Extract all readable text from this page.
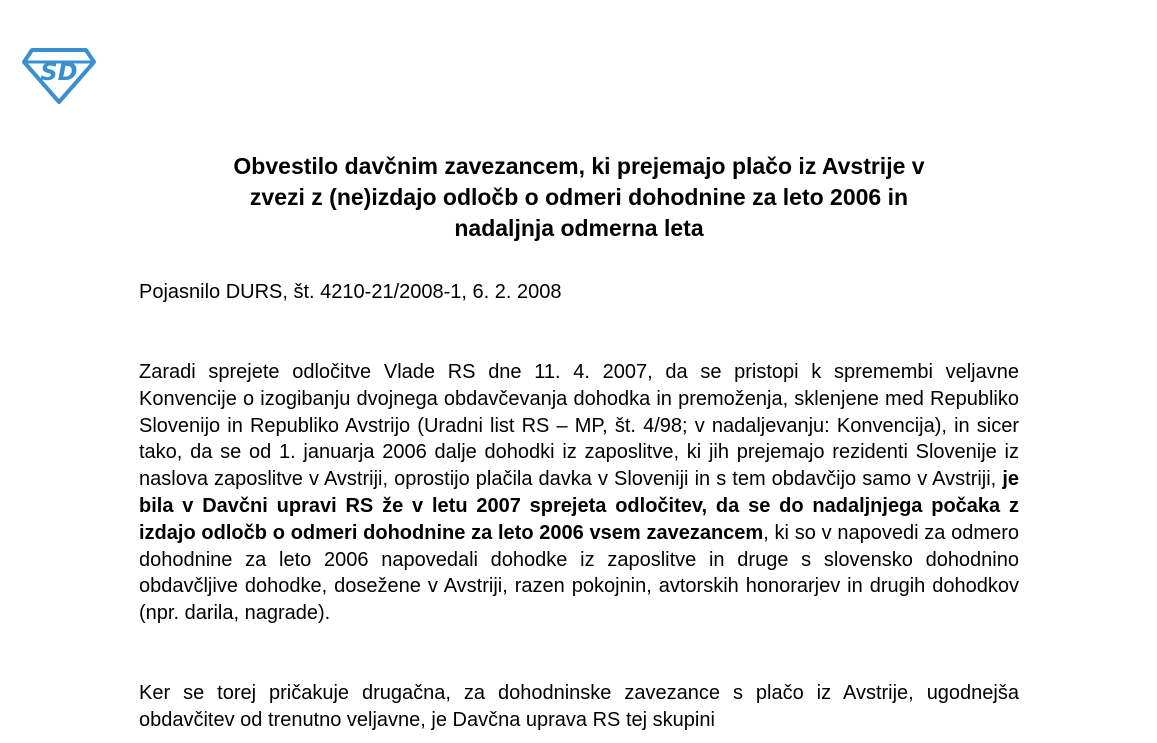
SD
Obvestilo davčnim zavezancem, ki prejemajo plačo iz Avstrije v
zvezi z (ne)izdajo odločb o odmeri dohodnine za leto 2006 in
nadaljnja odmerna leta

Pojasnilo DURS, št. 4210-21/2008-1, 6. 2. 2008

Zaradi sprejete odločitve Vlade RS dne 11. 4. 2007, da se pristopi k spremembi veljavne Konvencije o izogibanju dvojnega obdavčevanja dohodka in premoženja, sklenjene med Republiko Slovenijo in Republiko Avstrijo (Uradni list RS – MP, št. 4/98; v nadaljevanju: Konvencija), in sicer tako, da se od 1. januarja 2006 dalje dohodki iz zaposlitve, ki jih prejemajo rezidenti Slovenije iz naslova zaposlitve v Avstriji, oprostijo plačila davka v Sloveniji in s tem obdavčijo samo v Avstriji, je bila v Davčni upravi RS že v letu 2007 sprejeta odločitev, da se do nadaljnjega počaka z izdajo odločb o odmeri dohodnine za leto 2006 vsem zavezancem, ki so v napovedi za odmero dohodnine za leto 2006 napovedali dohodke iz zaposlitve in druge s slovensko dohodnino obdavčljive dohodke, dosežene v Avstriji, razen pokojnin, avtorskih honorarjev in drugih dohodkov (npr. darila, nagrade).

Ker se torej pričakuje drugačna, za dohodninske zavezance s plačo iz Avstrije, ugodnejša obdavčitev od trenutno veljavne, je Davčna uprava RS tej skupini
